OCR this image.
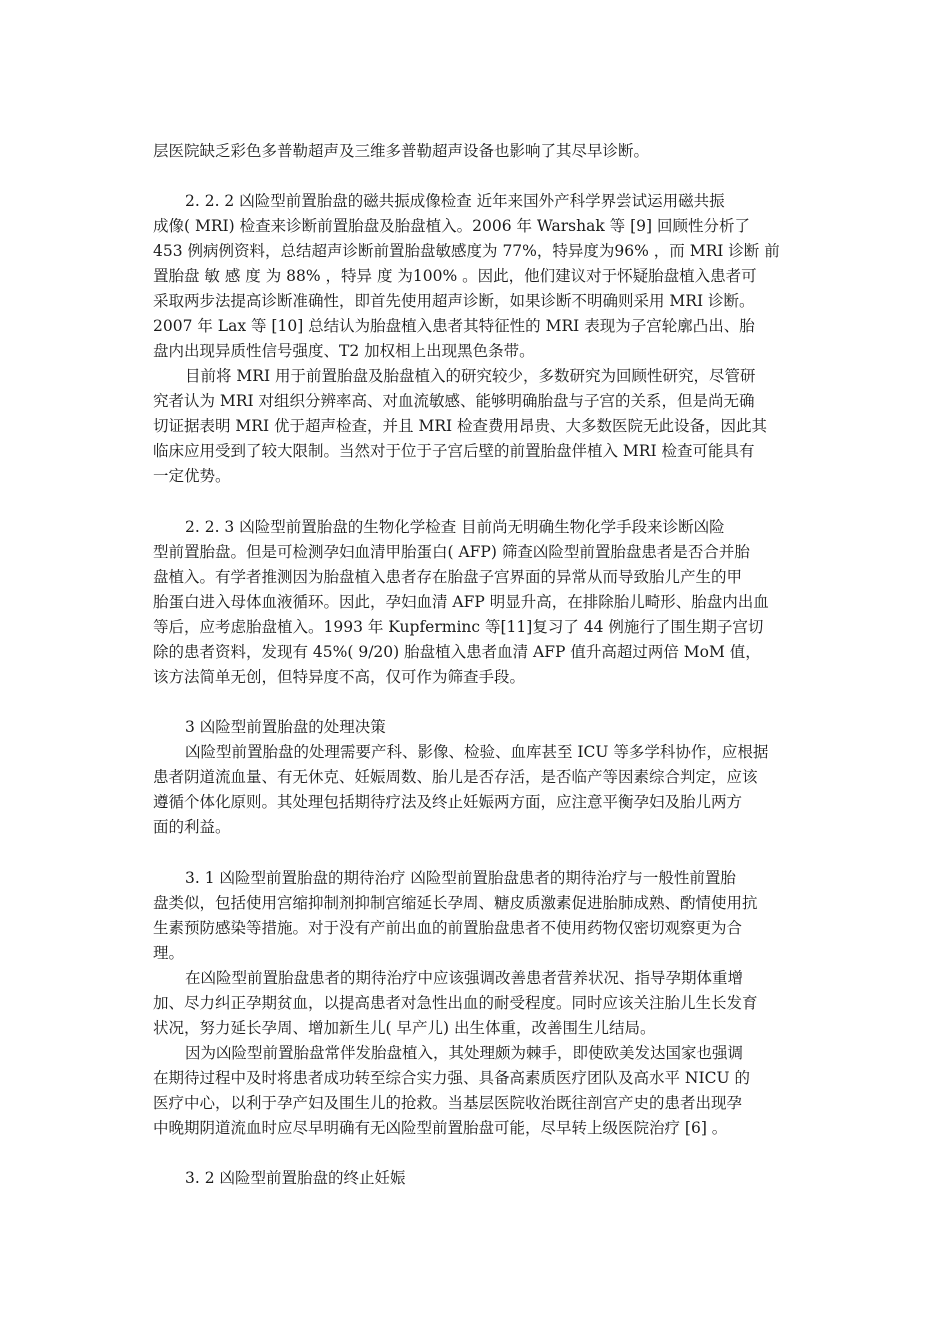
层医院缺乏彩色多普勒超声及三维多普勒超声设备也影响了其尽早诊断。
2. 2. 2 凶险型前置胎盘的磁共振成像检查 近年来国外产科学界尝试运用磁共振
成像( MRI) 检查来诊断前置胎盘及胎盘植入。2006 年 Warshak 等 [9] 回顾性分析了
453 例病例资料，总结超声诊断前置胎盘敏感度为 77%，特异度为96% ，而 MRI 诊断 前
置胎盘 敏 感 度 为 88% ，特异 度 为100% 。因此，他们建议对于怀疑胎盘植入患者可
采取两步法提高诊断准确性，即首先使用超声诊断，如果诊断不明确则采用 MRI 诊断。
2007 年 Lax 等 [10] 总结认为胎盘植入患者其特征性的 MRI 表现为子宫轮廓凸出、胎
盘内出现异质性信号强度、T2 加权相上出现黑色条带。
目前将 MRI 用于前置胎盘及胎盘植入的研究较少，多数研究为回顾性研究，尽管研
究者认为 MRI 对组织分辨率高、对血流敏感、能够明确胎盘与子宫的关系，但是尚无确
切证据表明 MRI 优于超声检查，并且 MRI 检查费用昂贵、大多数医院无此设备，因此其
临床应用受到了较大限制。当然对于位于子宫后壁的前置胎盘伴植入 MRI 检查可能具有
一定优势。
2. 2. 3 凶险型前置胎盘的生物化学检查 目前尚无明确生物化学手段来诊断凶险
型前置胎盘。但是可检测孕妇血清甲胎蛋白( AFP) 筛查凶险型前置胎盘患者是否合并胎
盘植入。有学者推测因为胎盘植入患者存在胎盘子宫界面的异常从而导致胎儿产生的甲
胎蛋白进入母体血液循环。因此，孕妇血清 AFP 明显升高，在排除胎儿畸形、胎盘内出血
等后，应考虑胎盘植入。1993 年 Kupferminc 等[11]复习了 44 例施行了围生期子宫切
除的患者资料，发现有 45%( 9/20) 胎盘植入患者血清 AFP 值升高超过两倍 MoM 值，
该方法简单无创，但特异度不高，仅可作为筛查手段。
3 凶险型前置胎盘的处理决策
凶险型前置胎盘的处理需要产科、影像、检验、血库甚至 ICU 等多学科协作，应根据
患者阴道流血量、有无休克、妊娠周数、胎儿是否存活，是否临产等因素综合判定，应该
遵循个体化原则。其处理包括期待疗法及终止妊娠两方面，应注意平衡孕妇及胎儿两方
面的利益。
3. 1 凶险型前置胎盘的期待治疗 凶险型前置胎盘患者的期待治疗与一般性前置胎
盘类似，包括使用宫缩抑制剂抑制宫缩延长孕周、糖皮质激素促进胎肺成熟、酌情使用抗
生素预防感染等措施。对于没有产前出血的前置胎盘患者不使用药物仅密切观察更为合
理。
在凶险型前置胎盘患者的期待治疗中应该强调改善患者营养状况、指导孕期体重增
加、尽力纠正孕期贫血，以提高患者对急性出血的耐受程度。同时应该关注胎儿生长发育
状况，努力延长孕周、增加新生儿( 早产儿) 出生体重，改善围生儿结局。
因为凶险型前置胎盘常伴发胎盘植入，其处理颇为棘手，即使欧美发达国家也强调
在期待过程中及时将患者成功转至综合实力强、具备高素质医疗团队及高水平 NICU 的
医疗中心，以利于孕产妇及围生儿的抢救。当基层医院收治既往剖宫产史的患者出现孕
中晚期阴道流血时应尽早明确有无凶险型前置胎盘可能，尽早转上级医院治疗 [6] 。
3. 2 凶险型前置胎盘的终止妊娠
